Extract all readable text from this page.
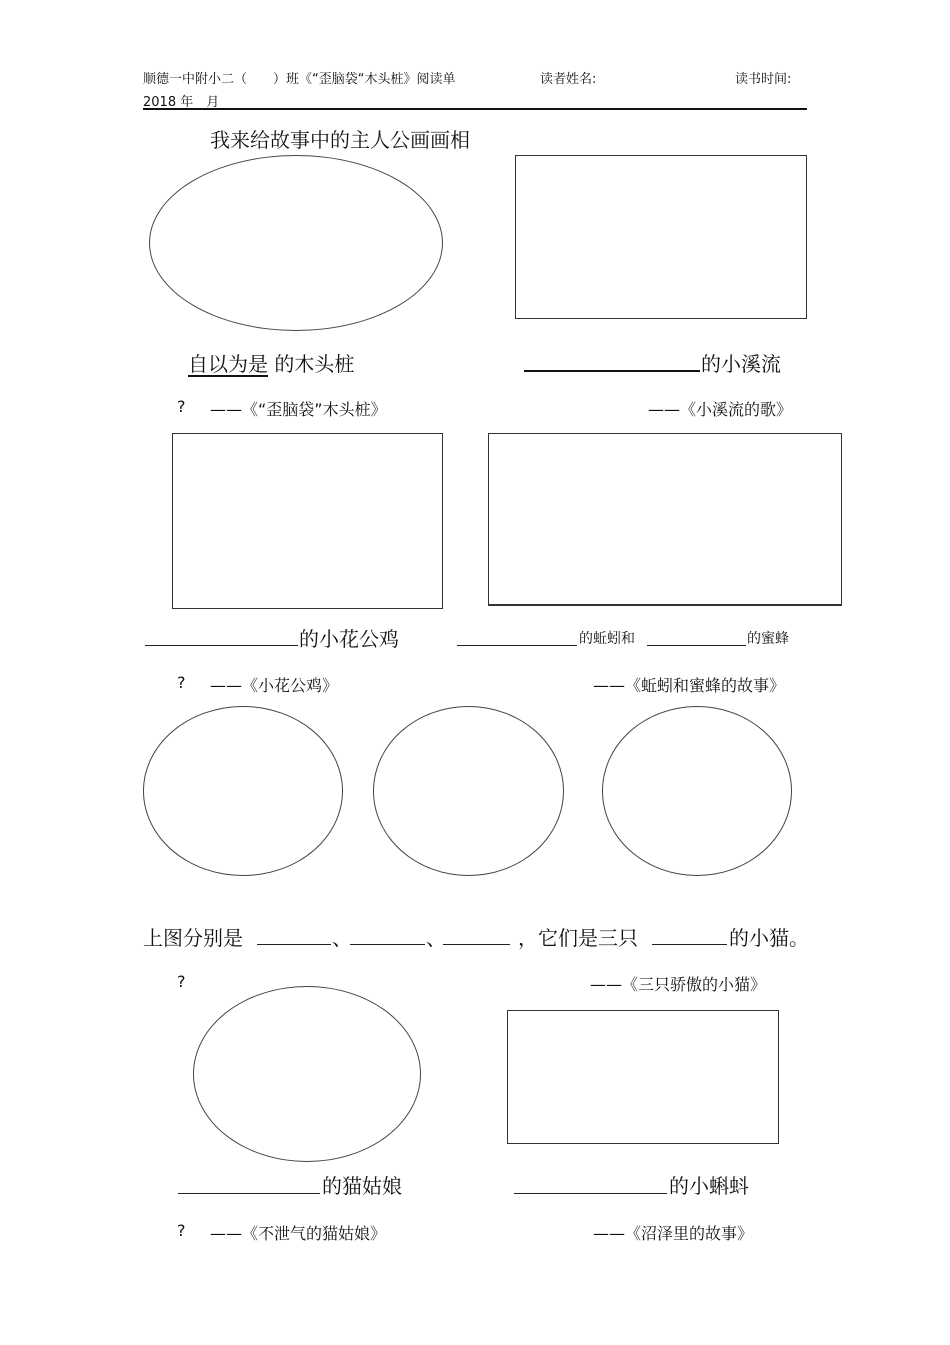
顺德一中附小二（　　）班《“歪脑袋“木头桩》阅读单	读者姓名:	读书时间:
2018 年　月
我来给故事中的主人公画画相
自以为是 的木头桩	的小溪流
? ——《“歪脑袋”木头桩》	——《小溪流的歌》
的小花公鸡	的蚯蚓和	的蜜蜂
? ——《小花公鸡》	——《蚯蚓和蜜蜂的故事》
上图分别是	、	、	，它们是三只	的小猫。
?	——《三只骄傲的小猫》
的猫姑娘	的小蝌蚪
? ——《不泄气的猫姑娘》	——《沼泽里的故事》
